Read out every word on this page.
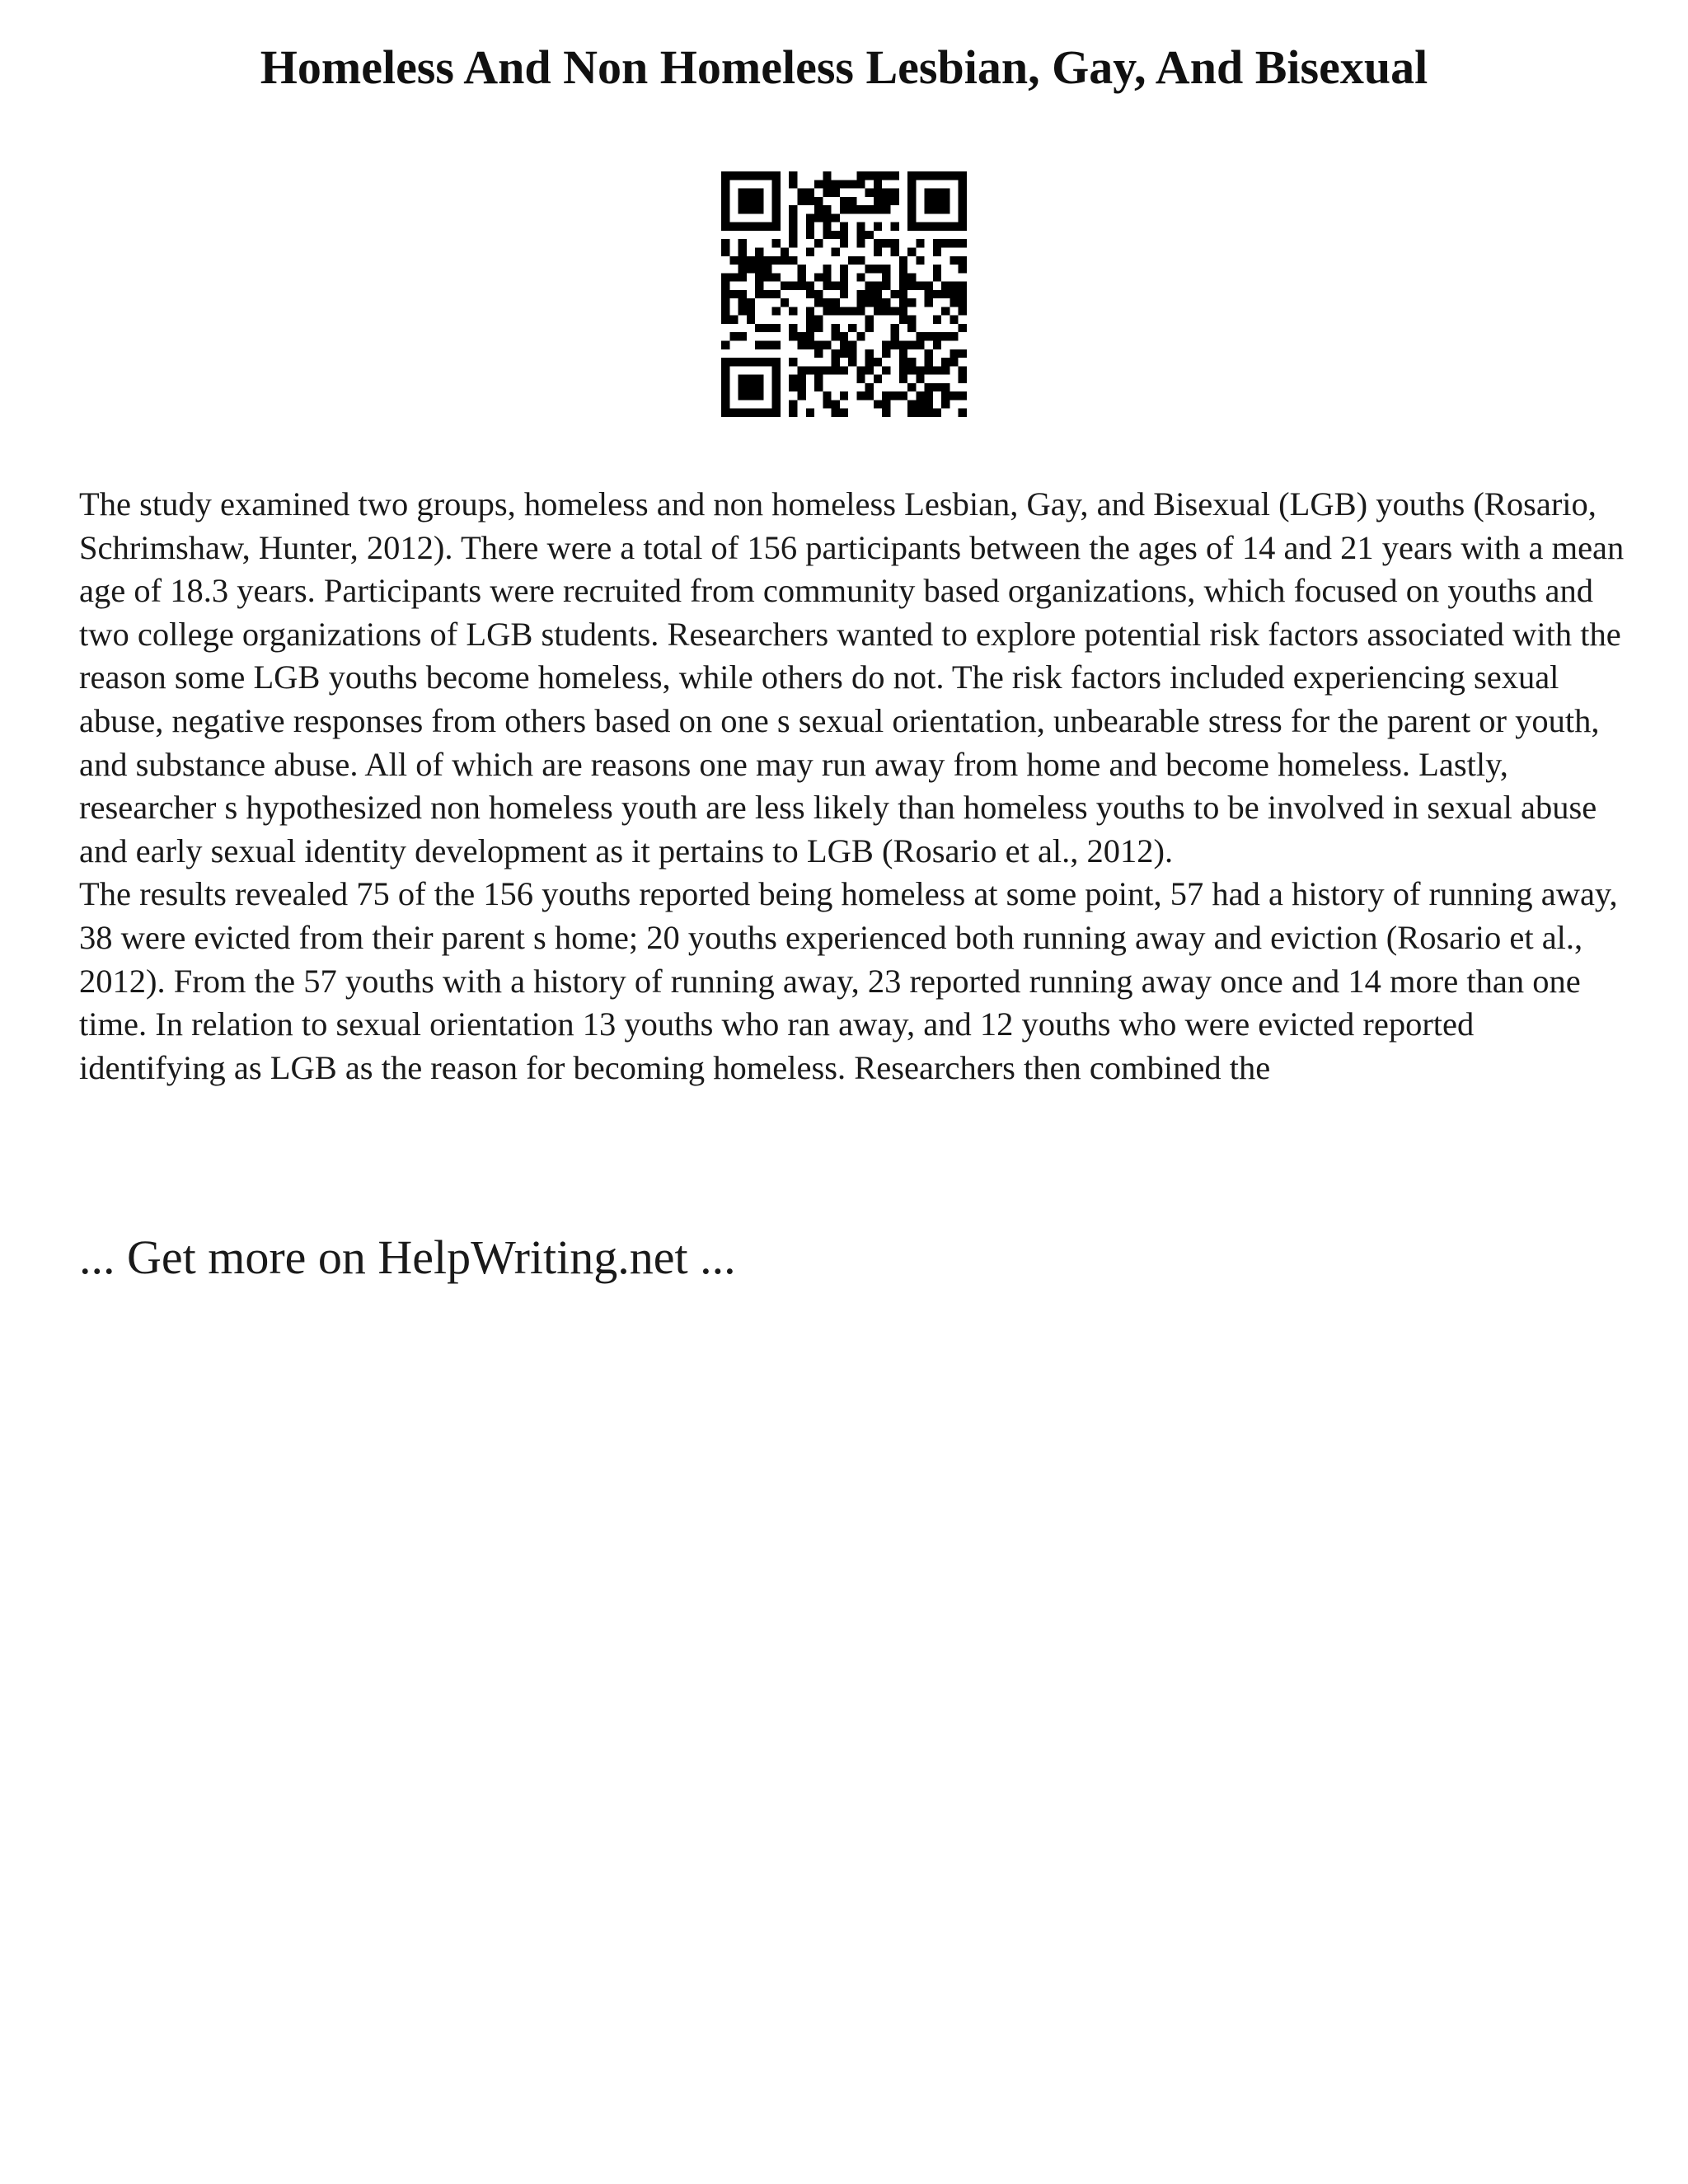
Homeless And Non Homeless Lesbian, Gay, And Bisexual
The study examined two groups, homeless and non homeless Lesbian, Gay, and Bisexual (LGB) youths (Rosario, Schrimshaw, Hunter, 2012). There were a total of 156 participants between the ages of 14 and 21 years with a mean age of 18.3 years. Participants were recruited from community based organizations, which focused on youths and two college organizations of LGB students. Researchers wanted to explore potential risk factors associated with the reason some LGB youths become homeless, while others do not. The risk factors included experiencing sexual abuse, negative responses from others based on one s sexual orientation, unbearable stress for the parent or youth, and substance abuse. All of which are reasons one may run away from home and become homeless. Lastly, researcher s hypothesized non homeless youth are less likely than homeless youths to be involved in sexual abuse and early sexual identity development as it pertains to LGB (Rosario et al., 2012).
The results revealed 75 of the 156 youths reported being homeless at some point, 57 had a history of running away, 38 were evicted from their parent s home; 20 youths experienced both running away and eviction (Rosario et al., 2012). From the 57 youths with a history of running away, 23 reported running away once and 14 more than one time. In relation to sexual orientation 13 youths who ran away, and 12 youths who were evicted reported identifying as LGB as the reason for becoming homeless. Researchers then combined the
... Get more on HelpWriting.net ...
